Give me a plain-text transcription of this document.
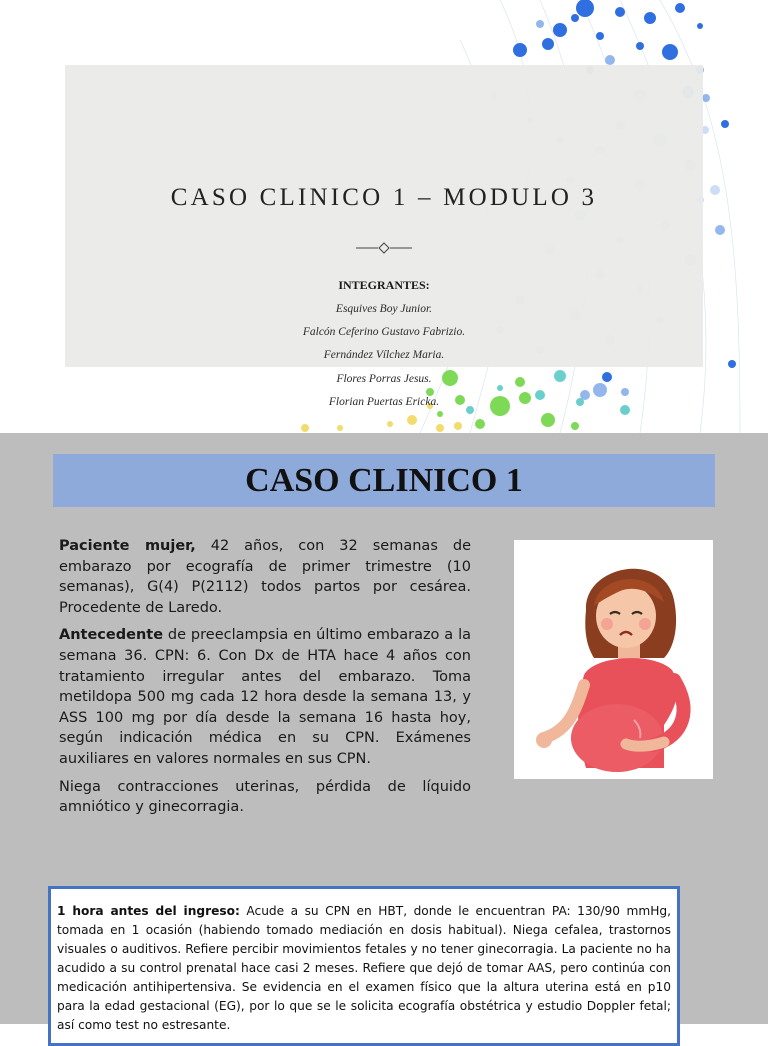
CASO CLINICO 1 – MODULO 3
INTEGRANTES:
Esquives Boy Junior.
Falcón Ceferino Gustavo Fabrizio.
Fernández Vílchez Maria.
Flores Porras Jesus.
Florian Puertas Ericka.
CASO CLINICO 1

Paciente mujer, 42 años, con 32 semanas de embarazo por ecografía de primer trimestre (10 semanas), G(4) P(2112) todos partos por cesárea. Procedente de Laredo.

Antecedente de preeclampsia en último embarazo a la semana 36. CPN: 6. Con Dx de HTA hace 4 años con tratamiento irregular antes del embarazo. Toma metildopa 500 mg cada 12 hora desde la semana 13, y ASS 100 mg por día desde la semana 16 hasta hoy, según indicación médica en su CPN. Exámenes auxiliares en valores normales en sus CPN.

Niega contracciones uterinas, pérdida de líquido amniótico y ginecorragia.

1 hora antes del ingreso: Acude a su CPN en HBT, donde le encuentran PA: 130/90 mmHg, tomada en 1 ocasión (habiendo tomado mediación en dosis habitual). Niega cefalea, trastornos visuales o auditivos. Refiere percibir movimientos fetales y no tener ginecorragia. La paciente no ha acudido a su control prenatal hace casi 2 meses. Refiere que dejó de tomar AAS, pero continúa con medicación antihipertensiva. Se evidencia en el examen físico que la altura uterina está en p10 para la edad gestacional (EG), por lo que se le solicita ecografía obstétrica y estudio Doppler fetal; así como test no estresante.
